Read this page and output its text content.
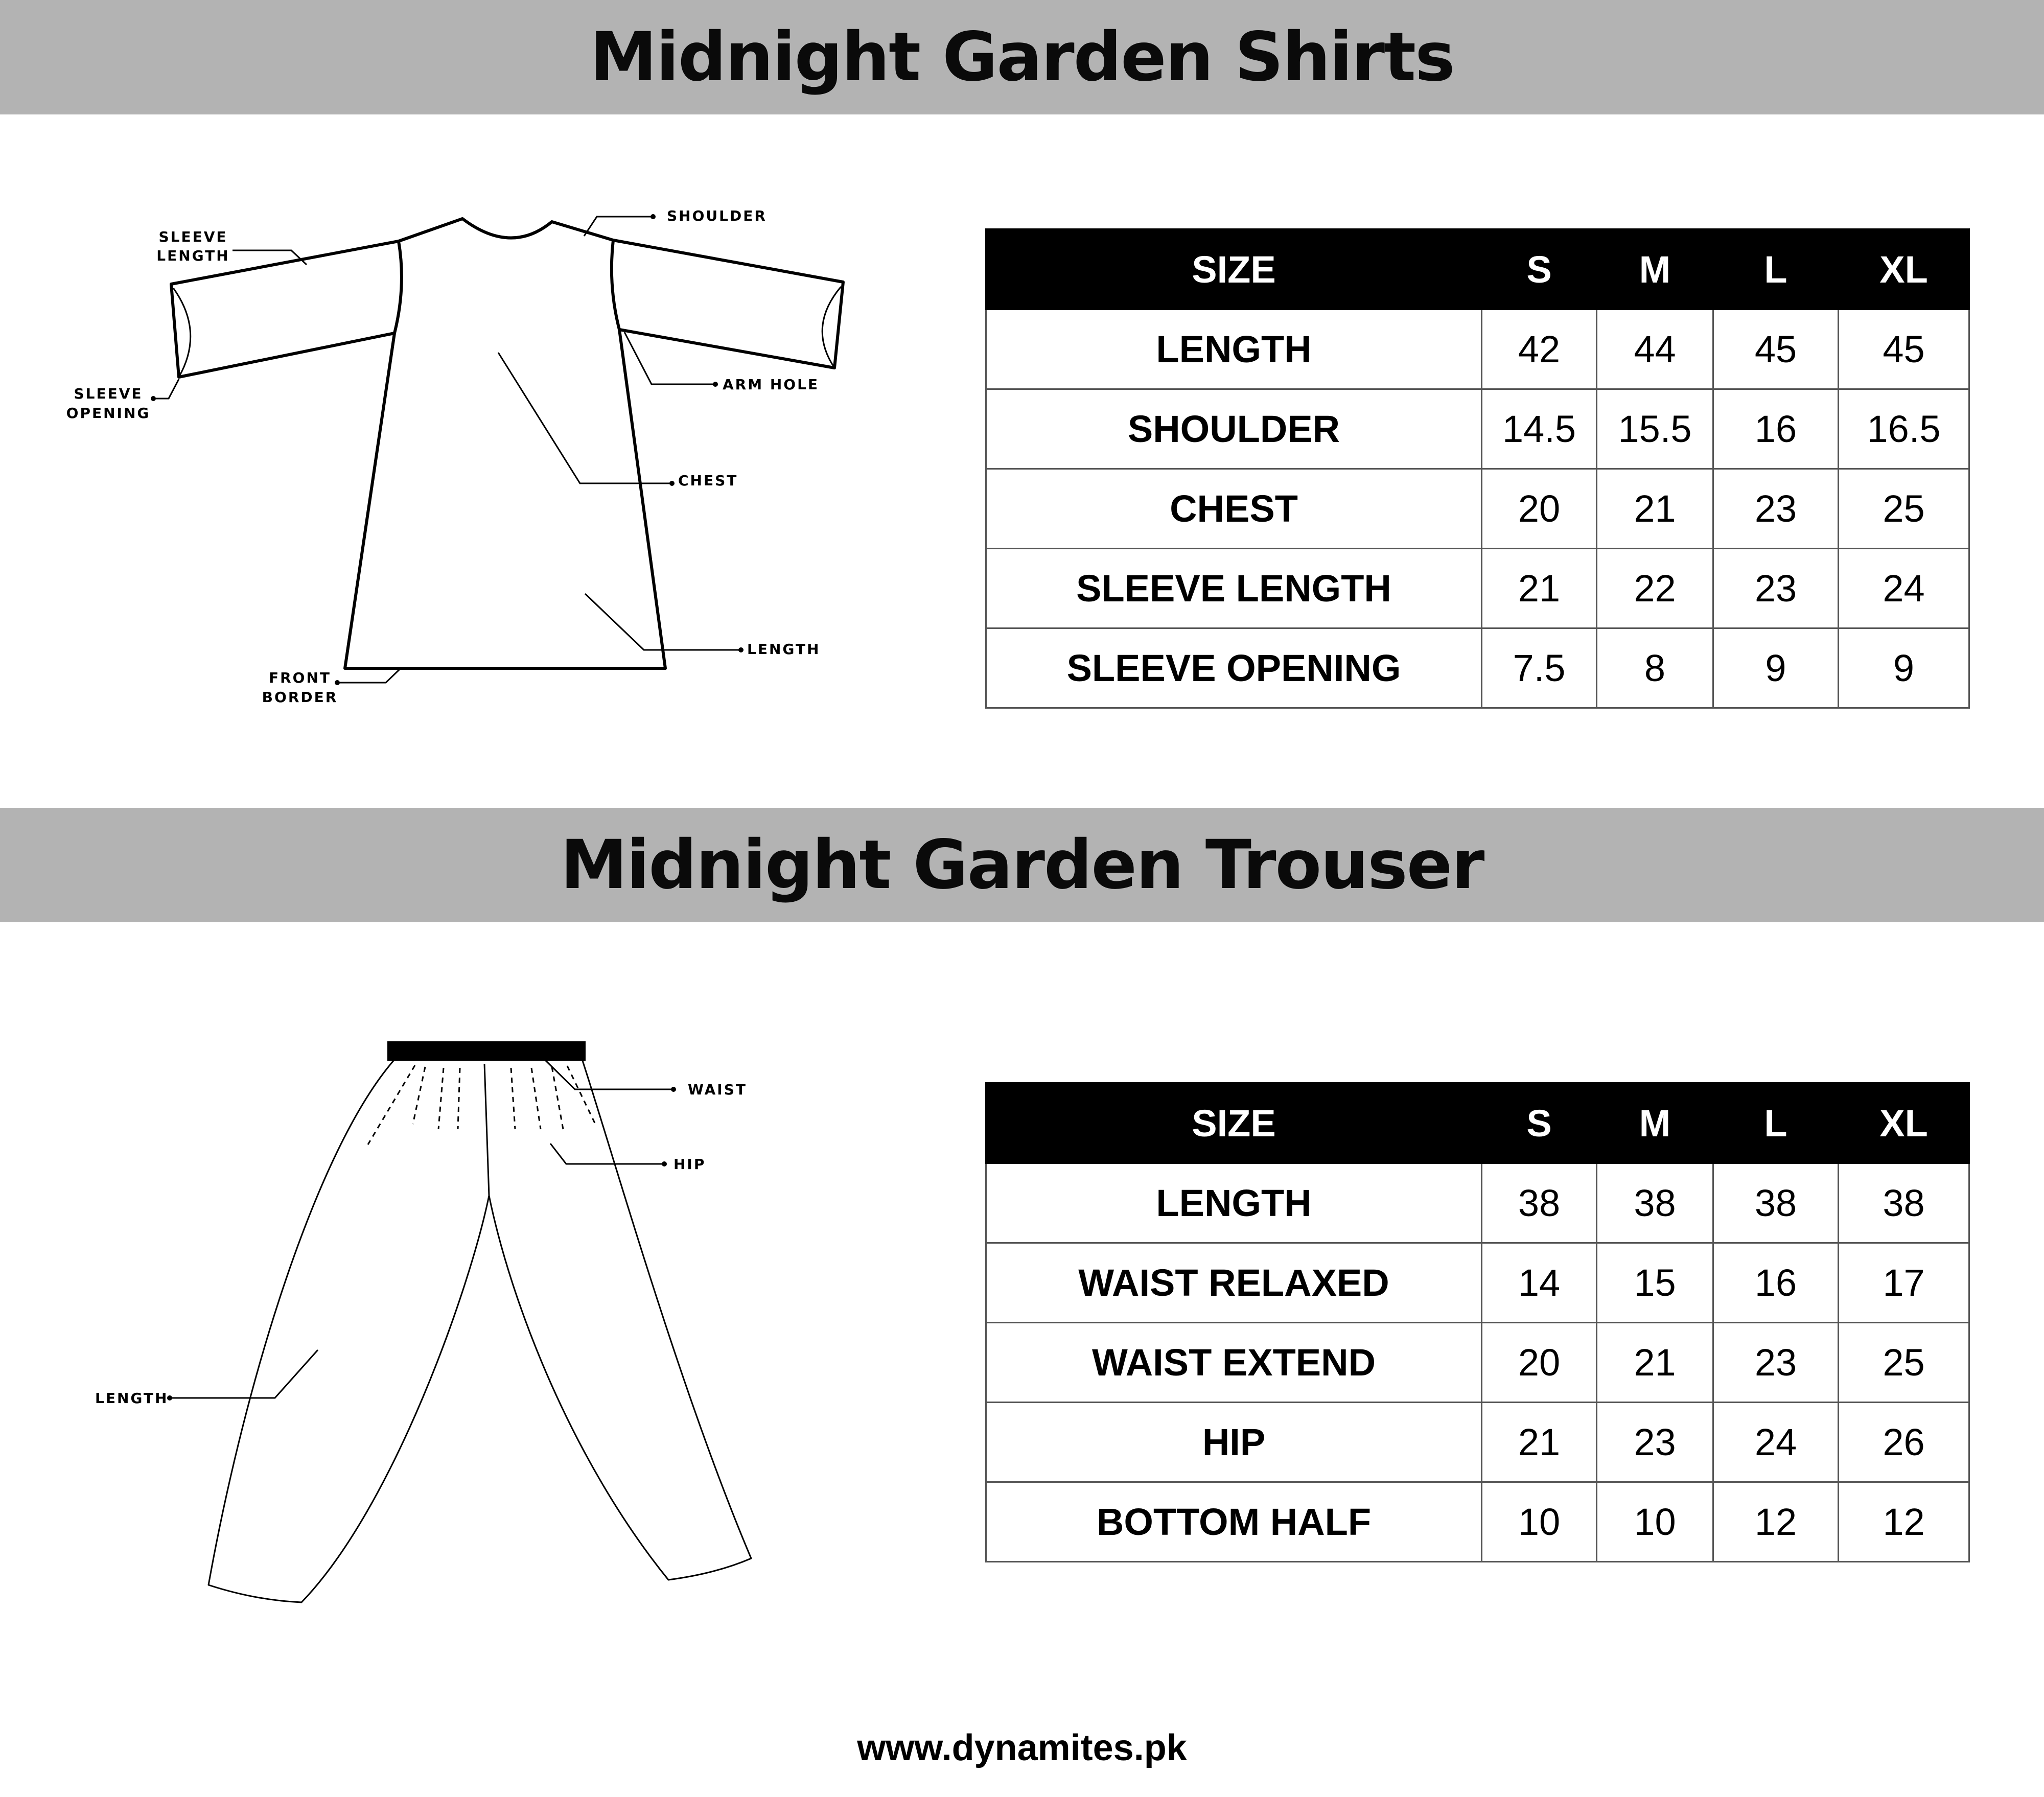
Midnight Garden Shirts
SHOULDER
SLEEVE
LENGTH
SLEEVE
OPENING
ARM HOLE
CHEST
LENGTH
FRONT
BORDER
SIZE	S	M	L	XL
LENGTH	42	44	45	45
SHOULDER	14.5	15.5	16	16.5
CHEST	20	21	23	25
SLEEVE LENGTH	21	22	23	24
SLEEVE OPENING	7.5	8	9	9
Midnight Garden Trouser
WAIST
HIP
LENGTH
SIZE	S	M	L	XL
LENGTH	38	38	38	38
WAIST RELAXED	14	15	16	17
WAIST EXTEND	20	21	23	25
HIP	21	23	24	26
BOTTOM HALF	10	10	12	12
www.dynamites.pk
